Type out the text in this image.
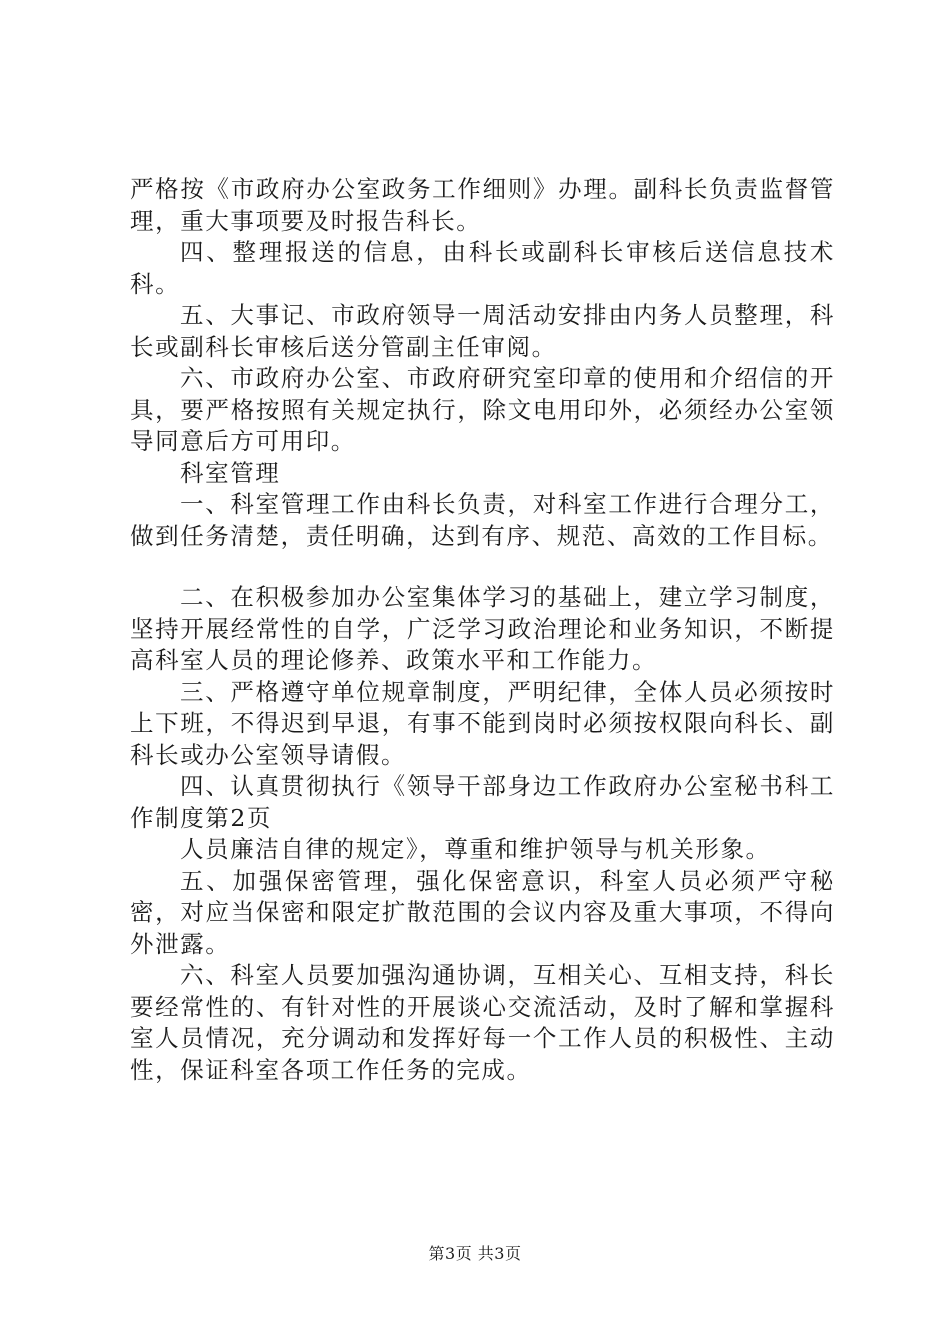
严格按《市政府办公室政务工作细则》办理。副科长负责监督管理，重大事项要及时报告科长。

四、整理报送的信息，由科长或副科长审核后送信息技术科。

五、大事记、市政府领导一周活动安排由内务人员整理，科长或副科长审核后送分管副主任审阅。

六、市政府办公室、市政府研究室印章的使用和介绍信的开具，要严格按照有关规定执行，除文电用印外，必须经办公室领导同意后方可用印。

科室管理

一、科室管理工作由科长负责，对科室工作进行合理分工，做到任务清楚，责任明确，达到有序、规范、高效的工作目标。

二、在积极参加办公室集体学习的基础上，建立学习制度，坚持开展经常性的自学，广泛学习政治理论和业务知识，不断提高科室人员的理论修养、政策水平和工作能力。

三、严格遵守单位规章制度，严明纪律，全体人员必须按时上下班，不得迟到早退，有事不能到岗时必须按权限向科长、副科长或办公室领导请假。

四、认真贯彻执行《领导干部身边工作政府办公室秘书科工作制度第2页

人员廉洁自律的规定》，尊重和维护领导与机关形象。

五、加强保密管理，强化保密意识，科室人员必须严守秘密，对应当保密和限定扩散范围的会议内容及重大事项，不得向外泄露。

六、科室人员要加强沟通协调，互相关心、互相支持，科长要经常性的、有针对性的开展谈心交流活动，及时了解和掌握科室人员情况，充分调动和发挥好每一个工作人员的积极性、主动性，保证科室各项工作任务的完成。

第3页 共3页
